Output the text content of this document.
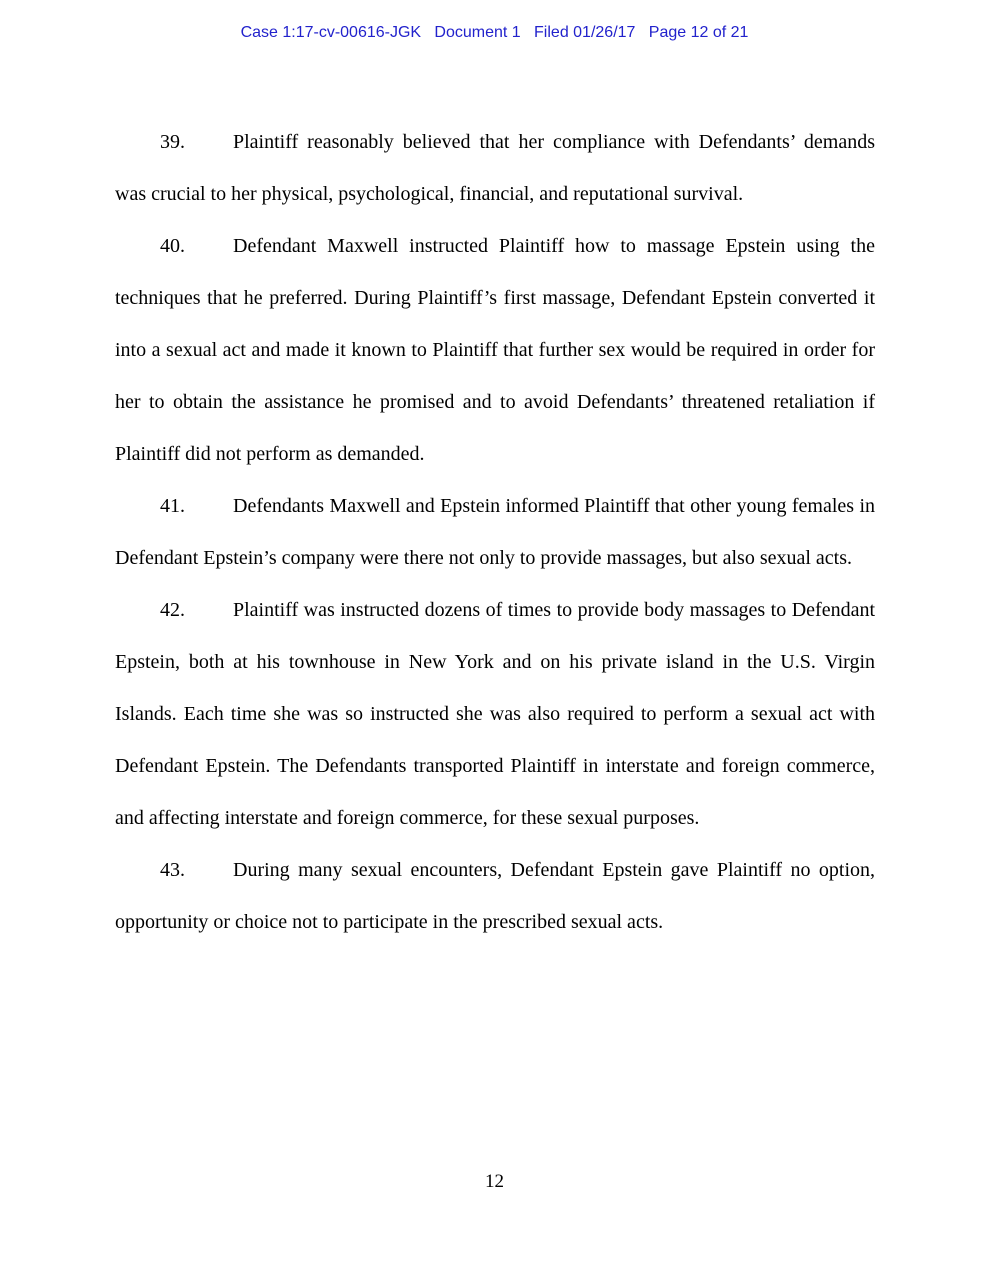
Case 1:17-cv-00616-JGK   Document 1   Filed 01/26/17   Page 12 of 21

39. Plaintiff reasonably believed that her compliance with Defendants’ demands was crucial to her physical, psychological, financial, and reputational survival.

40. Defendant Maxwell instructed Plaintiff how to massage Epstein using the techniques that he preferred. During Plaintiff’s first massage, Defendant Epstein converted it into a sexual act and made it known to Plaintiff that further sex would be required in order for her to obtain the assistance he promised and to avoid Defendants’ threatened retaliation if Plaintiff did not perform as demanded.

41. Defendants Maxwell and Epstein informed Plaintiff that other young females in Defendant Epstein’s company were there not only to provide massages, but also sexual acts.

42. Plaintiff was instructed dozens of times to provide body massages to Defendant Epstein, both at his townhouse in New York and on his private island in the U.S. Virgin Islands. Each time she was so instructed she was also required to perform a sexual act with Defendant Epstein. The Defendants transported Plaintiff in interstate and foreign commerce, and affecting interstate and foreign commerce, for these sexual purposes.

43. During many sexual encounters, Defendant Epstein gave Plaintiff no option, opportunity or choice not to participate in the prescribed sexual acts.

12
